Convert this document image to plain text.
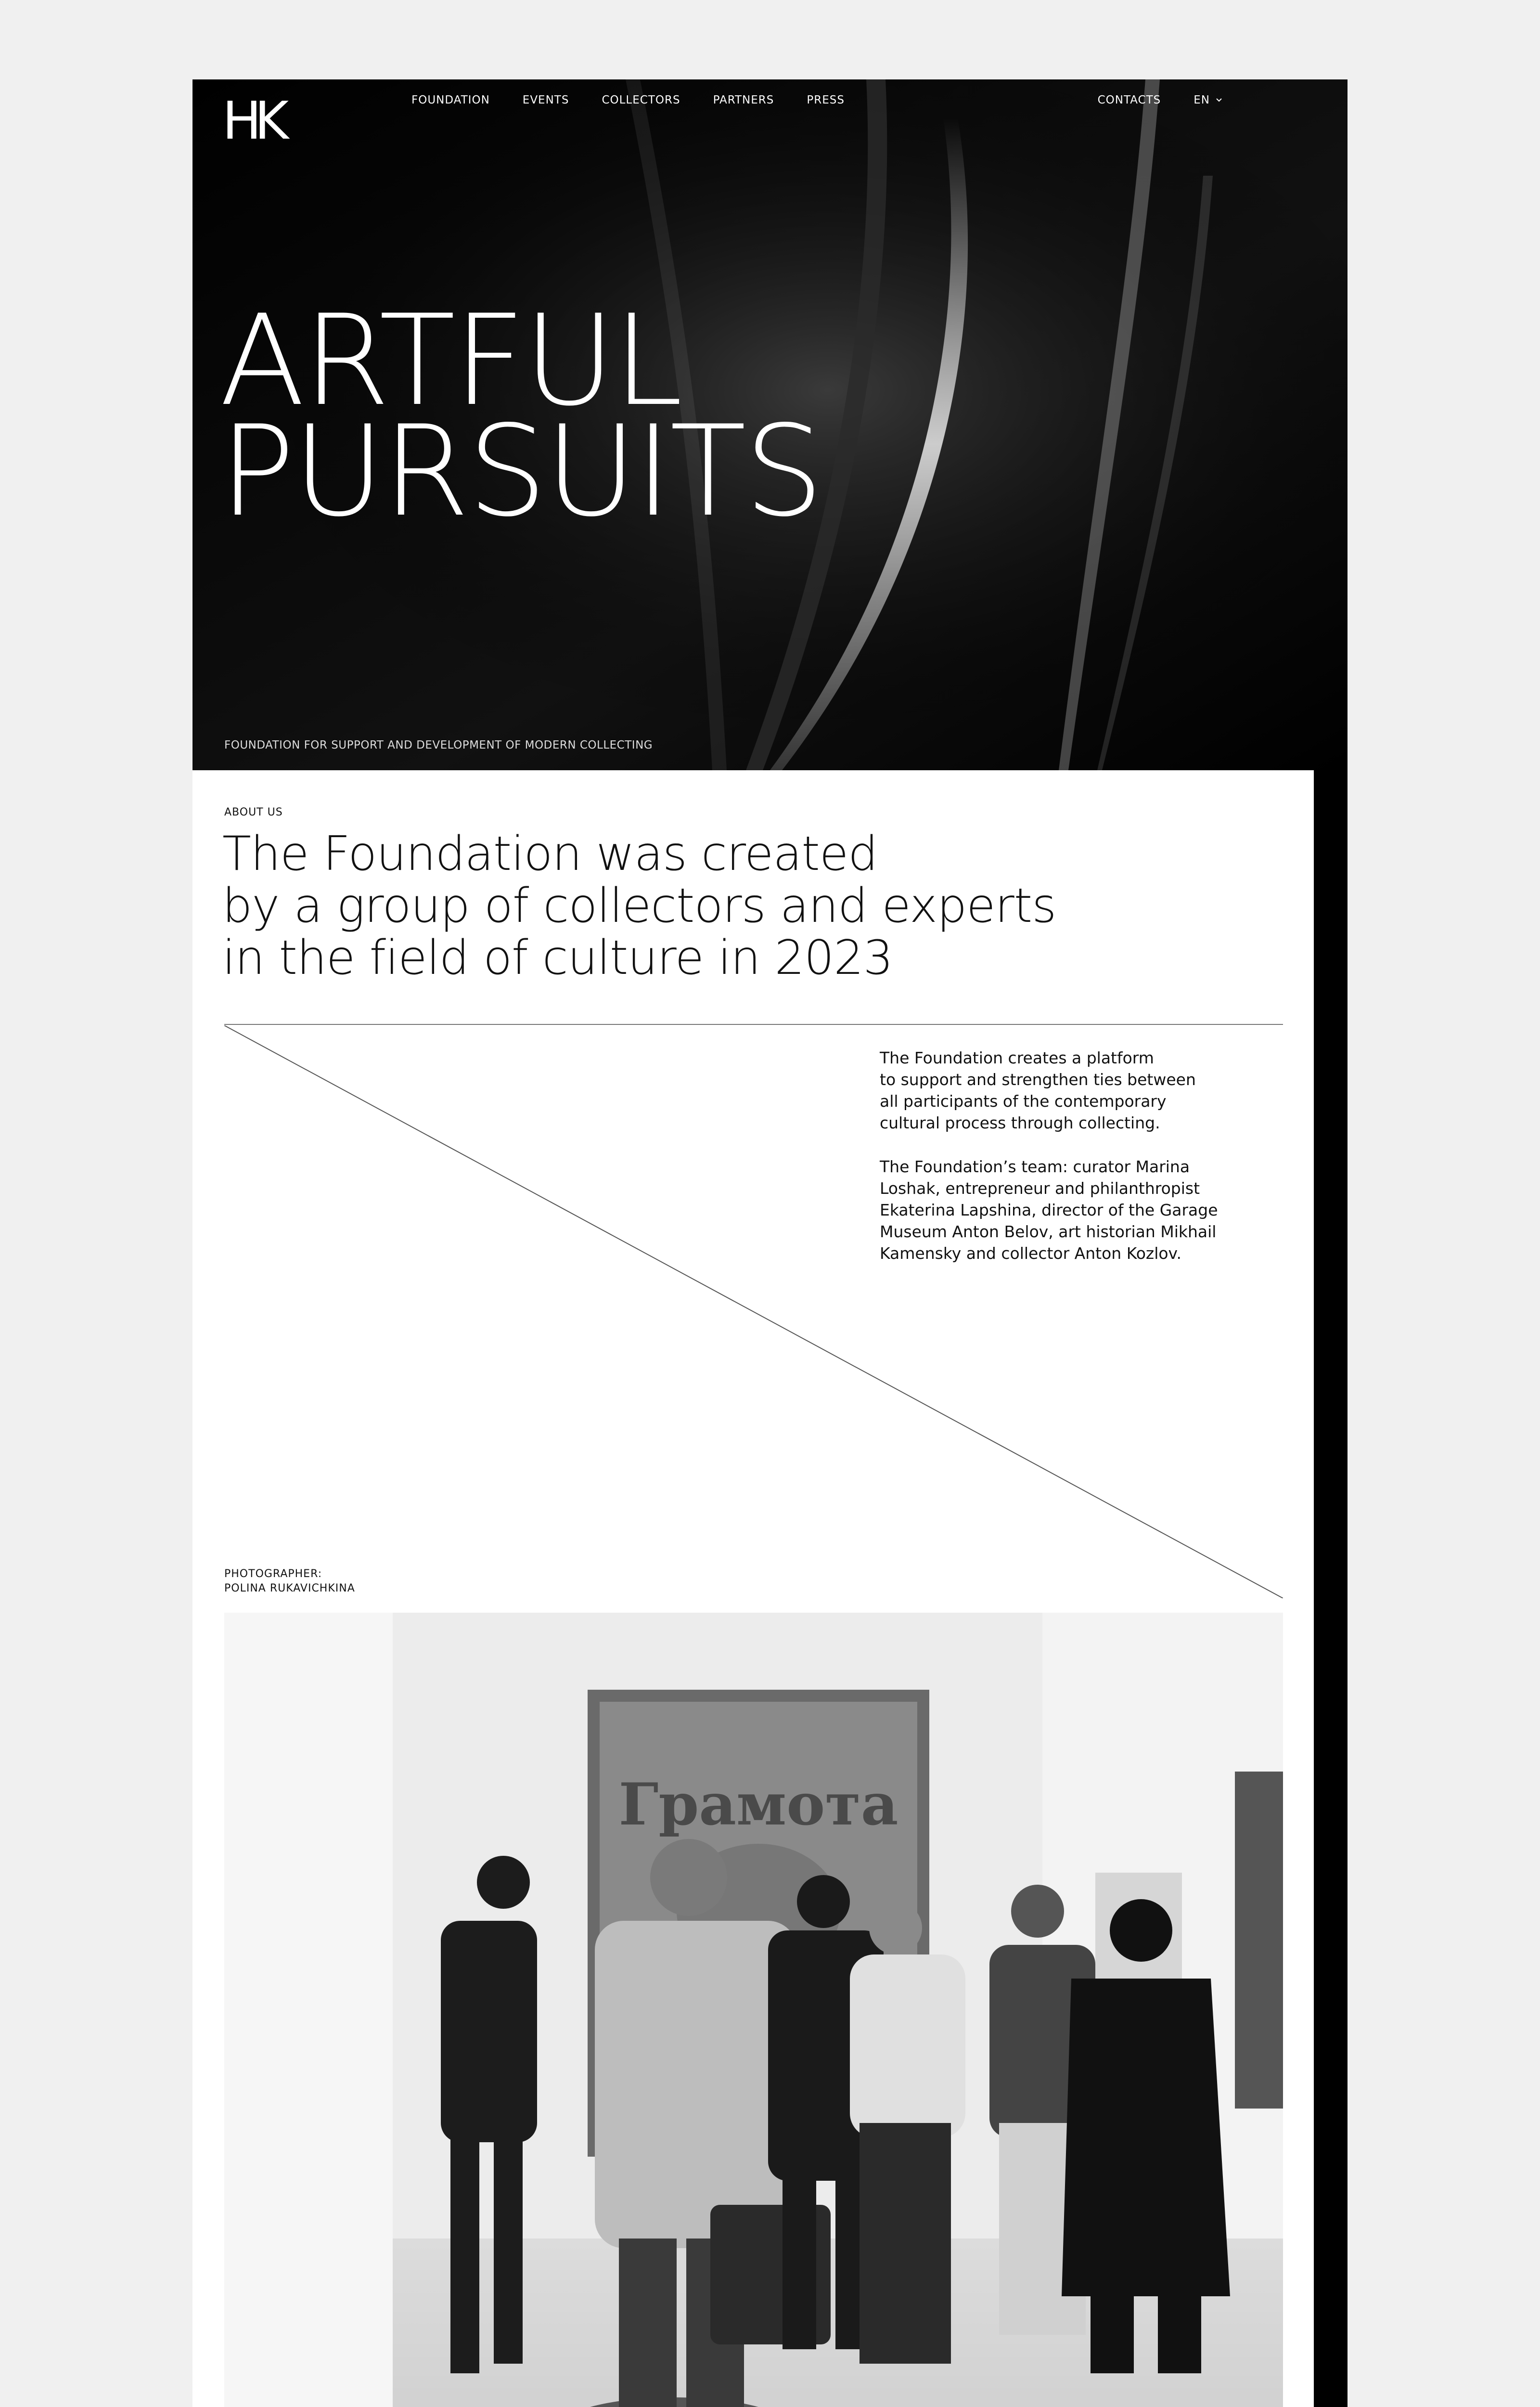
HK	FOUNDATION	EVENTS	COLLECTORS	PARTNERS	PRESS	CONTACTS	EN
ARTFUL
PURSUITS
FOUNDATION FOR SUPPORT AND DEVELOPMENT OF MODERN COLLECTING
ABOUT US
The Foundation was created
by a group of collectors and experts
in the field of culture in 2023

The Foundation creates a platform
to support and strengthen ties between
all participants of the contemporary
cultural process through collecting.

The Foundation’s team: curator Marina
Loshak, entrepreneur and philanthropist
Ekaterina Lapshina, director of the Garage
Museum Anton Belov, art historian Mikhail
Kamensky and collector Anton Kozlov.

PHOTOGRAPHER:
POLINA RUKAVICHKINA
Грамота
